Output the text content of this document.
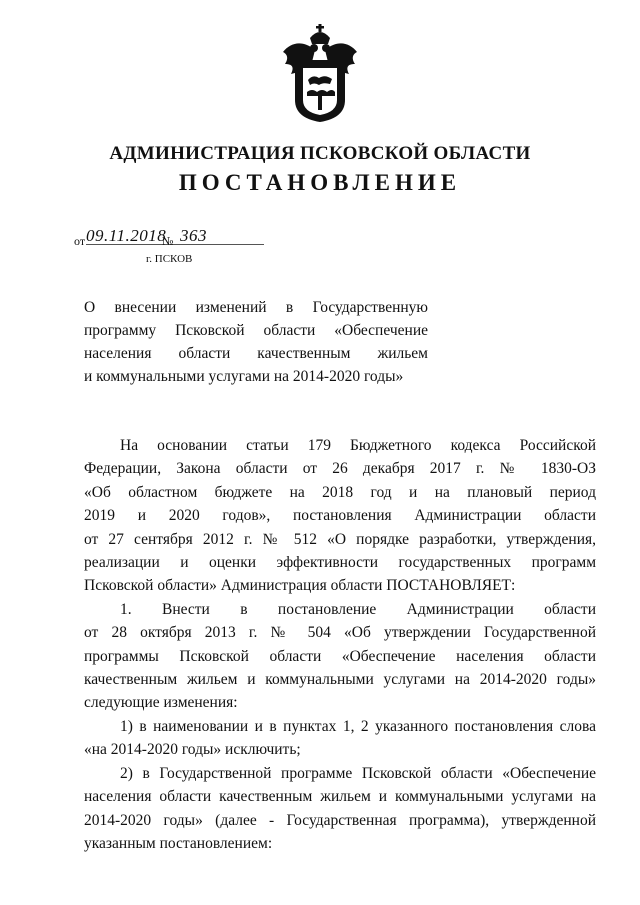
АДМИНИСТРАЦИЯ ПСКОВСКОЙ ОБЛАСТИ
ПОСТАНОВЛЕНИЕ
от 09.11.2018
№ 363
г. ПСКОВ
О внесении изменений в Государственную
программу Псковской области «Обеспечение
населения области качественным жильем
и коммунальными услугами на 2014-2020 годы»
На основании статьи 179 Бюджетного кодекса Российской
Федерации, Закона области от 26 декабря 2017 г. № 1830-ОЗ
«Об областном бюджете на 2018 год и на плановый период
2019 и 2020 годов», постановления Администрации области
от 27 сентября 2012 г. № 512 «О порядке разработки, утверждения,
реализации и оценки эффективности государственных программ
Псковской области» Администрация области ПОСТАНОВЛЯЕТ:
1. Внести в постановление Администрации области
от 28 октября 2013 г. № 504 «Об утверждении Государственной
программы Псковской области «Обеспечение населения области
качественным жильем и коммунальными услугами на 2014-2020 годы»
следующие изменения:
1) в наименовании и в пунктах 1, 2 указанного постановления слова
«на 2014-2020 годы» исключить;
2) в Государственной программе Псковской области «Обеспечение
населения области качественным жильем и коммунальными услугами на
2014-2020 годы» (далее - Государственная программа), утвержденной
указанным постановлением:
